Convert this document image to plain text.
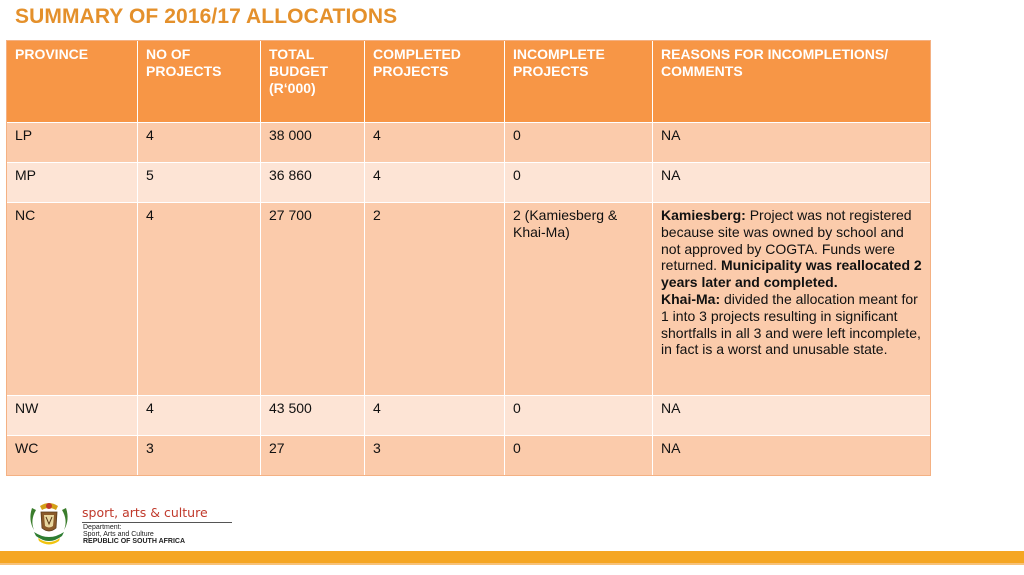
SUMMARY OF 2016/17 ALLOCATIONS
PROVINCE	NO OF PROJECTS	TOTAL BUDGET (R‘000)	COMPLETED PROJECTS	INCOMPLETE PROJECTS	REASONS FOR INCOMPLETIONS/ COMMENTS
LP	4	38 000	4	0	NA
MP	5	36 860	4	0	NA
NC	4	27 700	2	2 (Kamiesberg & Khai-Ma)	Kamiesberg: Project was not registered because site was owned by school and not approved by COGTA. Funds were returned. Municipality was reallocated 2 years later and completed.
Khai-Ma: divided the allocation meant for 1 into 3 projects resulting in significant shortfalls in all 3 and were left incomplete, in fact is a worst and unusable state.
NW	4	43 500	4	0	NA
WC	3	27	3	0	NA
sport, arts & culture
Department:
Sport, Arts and Culture
REPUBLIC OF SOUTH AFRICA
